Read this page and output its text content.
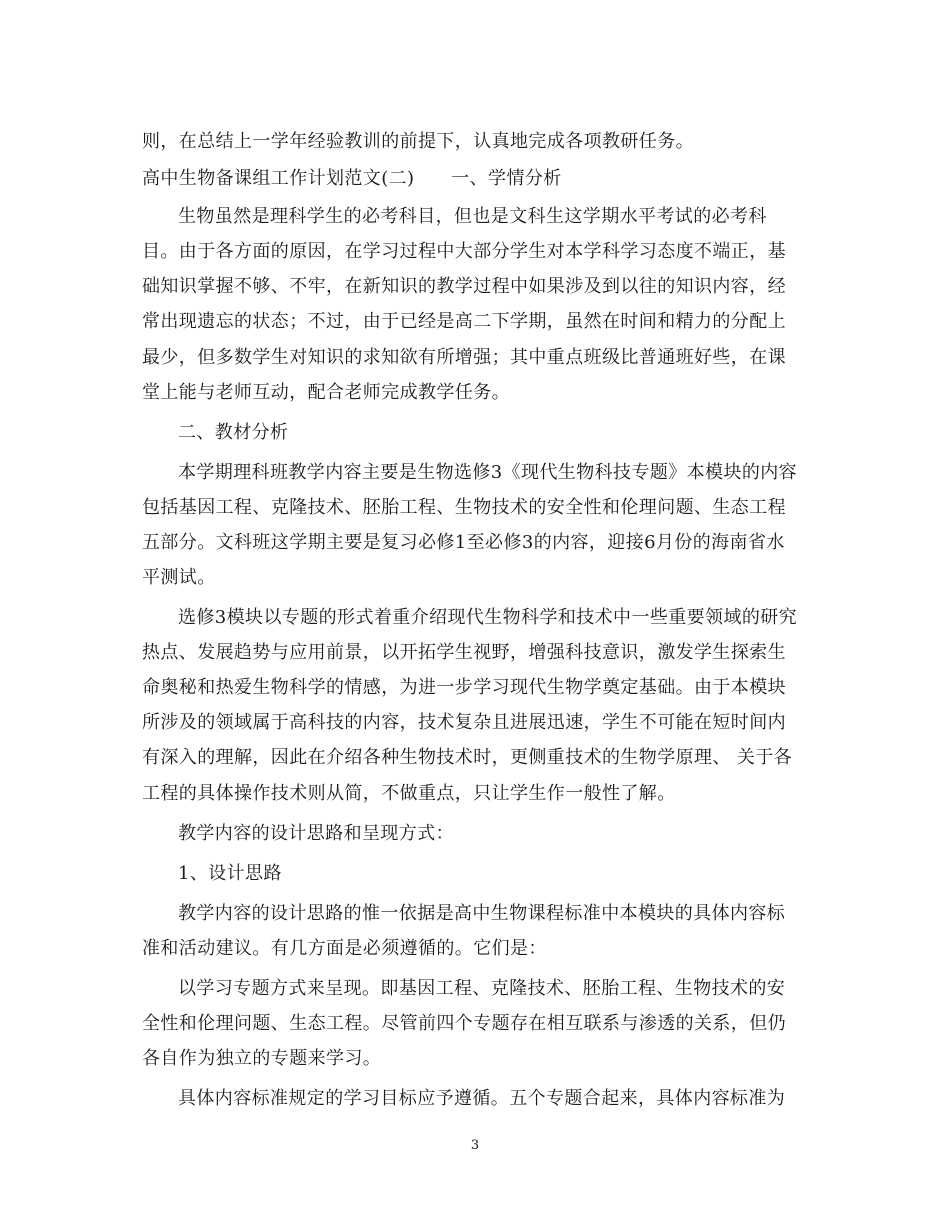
则，在总结上一学年经验教训的前提下，认真地完成各项教研任务。
高中生物备课组工作计划范文(二)　　一、学情分析
生物虽然是理科学生的必考科目，但也是文科生这学期水平考试的必考科
目。由于各方面的原因，在学习过程中大部分学生对本学科学习态度不端正，基
础知识掌握不够、不牢，在新知识的教学过程中如果涉及到以往的知识内容，经
常出现遗忘的状态；不过，由于已经是高二下学期，虽然在时间和精力的分配上
最少，但多数学生对知识的求知欲有所增强；其中重点班级比普通班好些，在课
堂上能与老师互动，配合老师完成教学任务。
二、教材分析
本学期理科班教学内容主要是生物选修3《现代生物科技专题》本模块的内容
包括基因工程、克隆技术、胚胎工程、生物技术的安全性和伦理问题、生态工程
五部分。文科班这学期主要是复习必修1至必修3的内容，迎接6月份的海南省水
平测试。
选修3模块以专题的形式着重介绍现代生物科学和技术中一些重要领域的研究
热点、发展趋势与应用前景，以开拓学生视野，增强科技意识，激发学生探索生
命奥秘和热爱生物科学的情感，为进一步学习现代生物学奠定基础。由于本模块
所涉及的领域属于高科技的内容，技术复杂且进展迅速，学生不可能在短时间内
有深入的理解，因此在介绍各种生物技术时，更侧重技术的生物学原理、 关于各
工程的具体操作技术则从简，不做重点，只让学生作一般性了解。
教学内容的设计思路和呈现方式：
1、设计思路
教学内容的设计思路的惟一依据是高中生物课程标准中本模块的具体内容标
准和活动建议。有几方面是必须遵循的。它们是：
以学习专题方式来呈现。即基因工程、克隆技术、胚胎工程、生物技术的安
全性和伦理问题、生态工程。尽管前四个专题存在相互联系与渗透的关系，但仍
各自作为独立的专题来学习。
具体内容标准规定的学习目标应予遵循。五个专题合起来，具体内容标准为
3
